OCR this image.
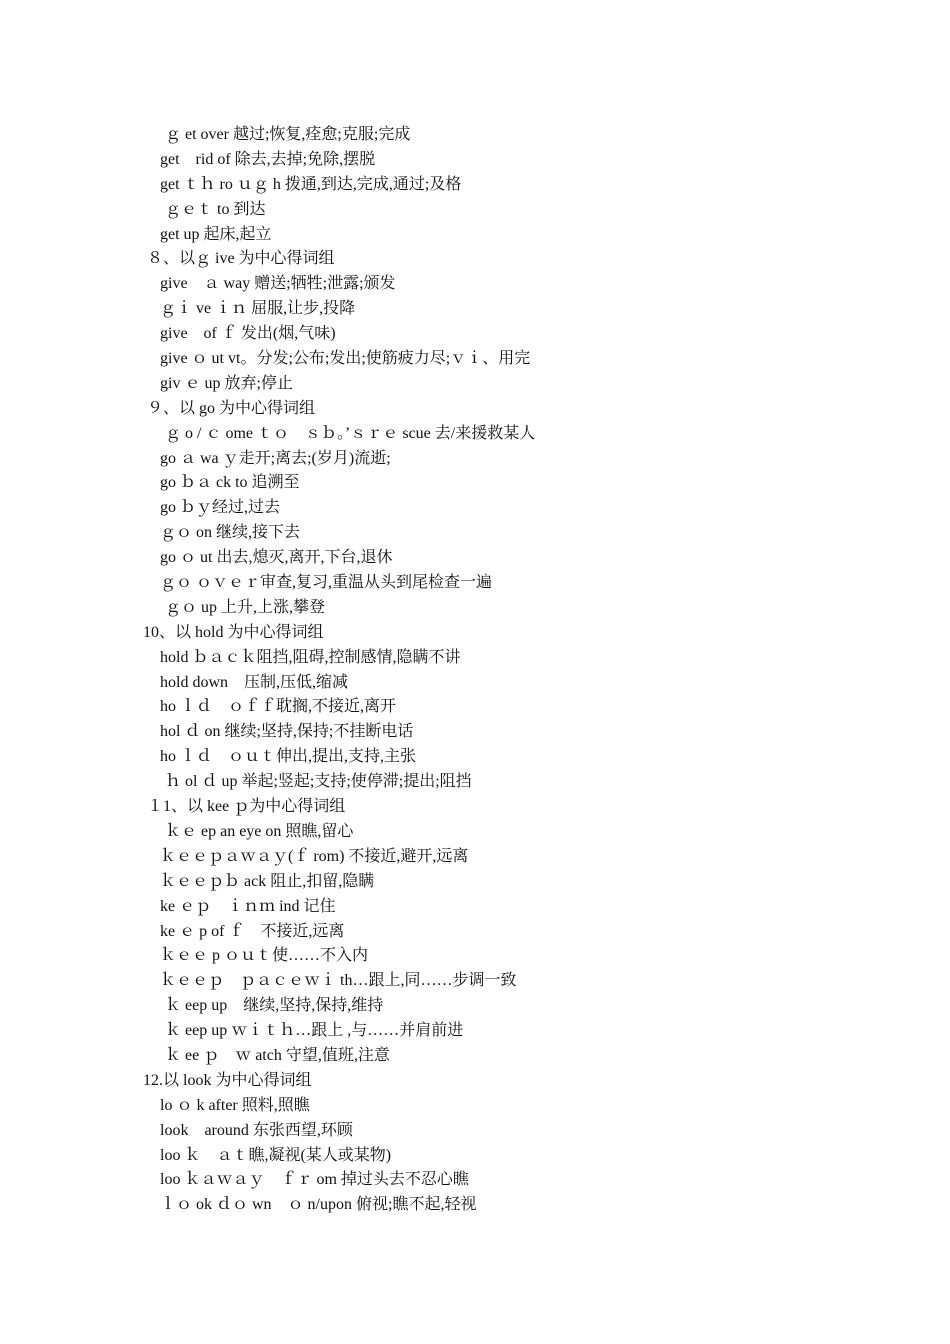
ｇ et over 越过;恢复,痊愈;克服;完成
get　rid of 除去,去掉;免除,摆脱
get ｔｈ ro ｕｇ h 拨通,到达,完成,通过;及格
ｇｅｔ to 到达
get up 起床,起立
８、以ｇ ive 为中心得词组
give　ａ way 赠送;牺牲;泄露;颁发
ｇｉ ve ｉｎ 屈服,让步,投降
give　of ｆ 发出(烟,气味)
give ｏ ut vt。分发;公布;发出;使筋疲力尽;ｖｉ、用完
giv ｅ up 放弃;停止
９、以 go 为中心得词组
ｇ o / ｃ ome ｔｏ　ｓｂ。’ｓｒｅ scue 去/来援救某人
go ａ wa ｙ走开;离去;(岁月)流逝;
go ｂａ ck to 追溯至
go ｂｙ经过,过去
ｇｏ on 继续,接下去
go ｏ ut 出去,熄灭,离开,下台,退休
ｇｏ ｏｖｅｒ审查,复习,重温从头到尾检查一遍
ｇｏ up 上升,上涨,攀登
10、以 hold 为中心得词组
hold ｂａｃｋ阻挡,阻碍,控制感情,隐瞒不讲
hold down　压制,压低,缩减
ho ｌｄ　ｏｆｆ耽搁,不接近,离开
hol ｄ on 继续;坚持,保持;不挂断电话
ho ｌｄ　ｏｕｔ伸出,提出,支持,主张
ｈ ol ｄ up 举起;竖起;支持;使停滞;提出;阻挡
１1、以 kee ｐ为中心得词组
ｋｅ ep an eye on 照瞧,留心
ｋｅｅｐａｗａｙ(ｆ rom) 不接近,避开,远离
ｋｅｅｐｂ ack 阻止,扣留,隐瞒
ke ｅｐ　ｉｎｍ ind 记住
ke ｅ p of ｆ　不接近,远离
ｋｅｅ p ｏｕｔ使……不入内
ｋｅｅｐ　ｐａｃｅｗｉ th…跟上,同……步调一致
ｋ eep up　继续,坚持,保持,维持
ｋ eep up ｗｉｔｈ…跟上 ,与……并肩前进
ｋ ee ｐ　ｗ atch 守望,值班,注意
12.以 look 为中心得词组
lo ｏ k after 照料,照瞧
look　around 东张西望,环顾
loo ｋ　ａｔ瞧,凝视(某人或某物)
loo ｋａｗａｙ　ｆｒ om 掉过头去不忍心瞧
ｌｏ ok ｄｏ wn　ｏ n/upon 俯视;瞧不起,轻视
